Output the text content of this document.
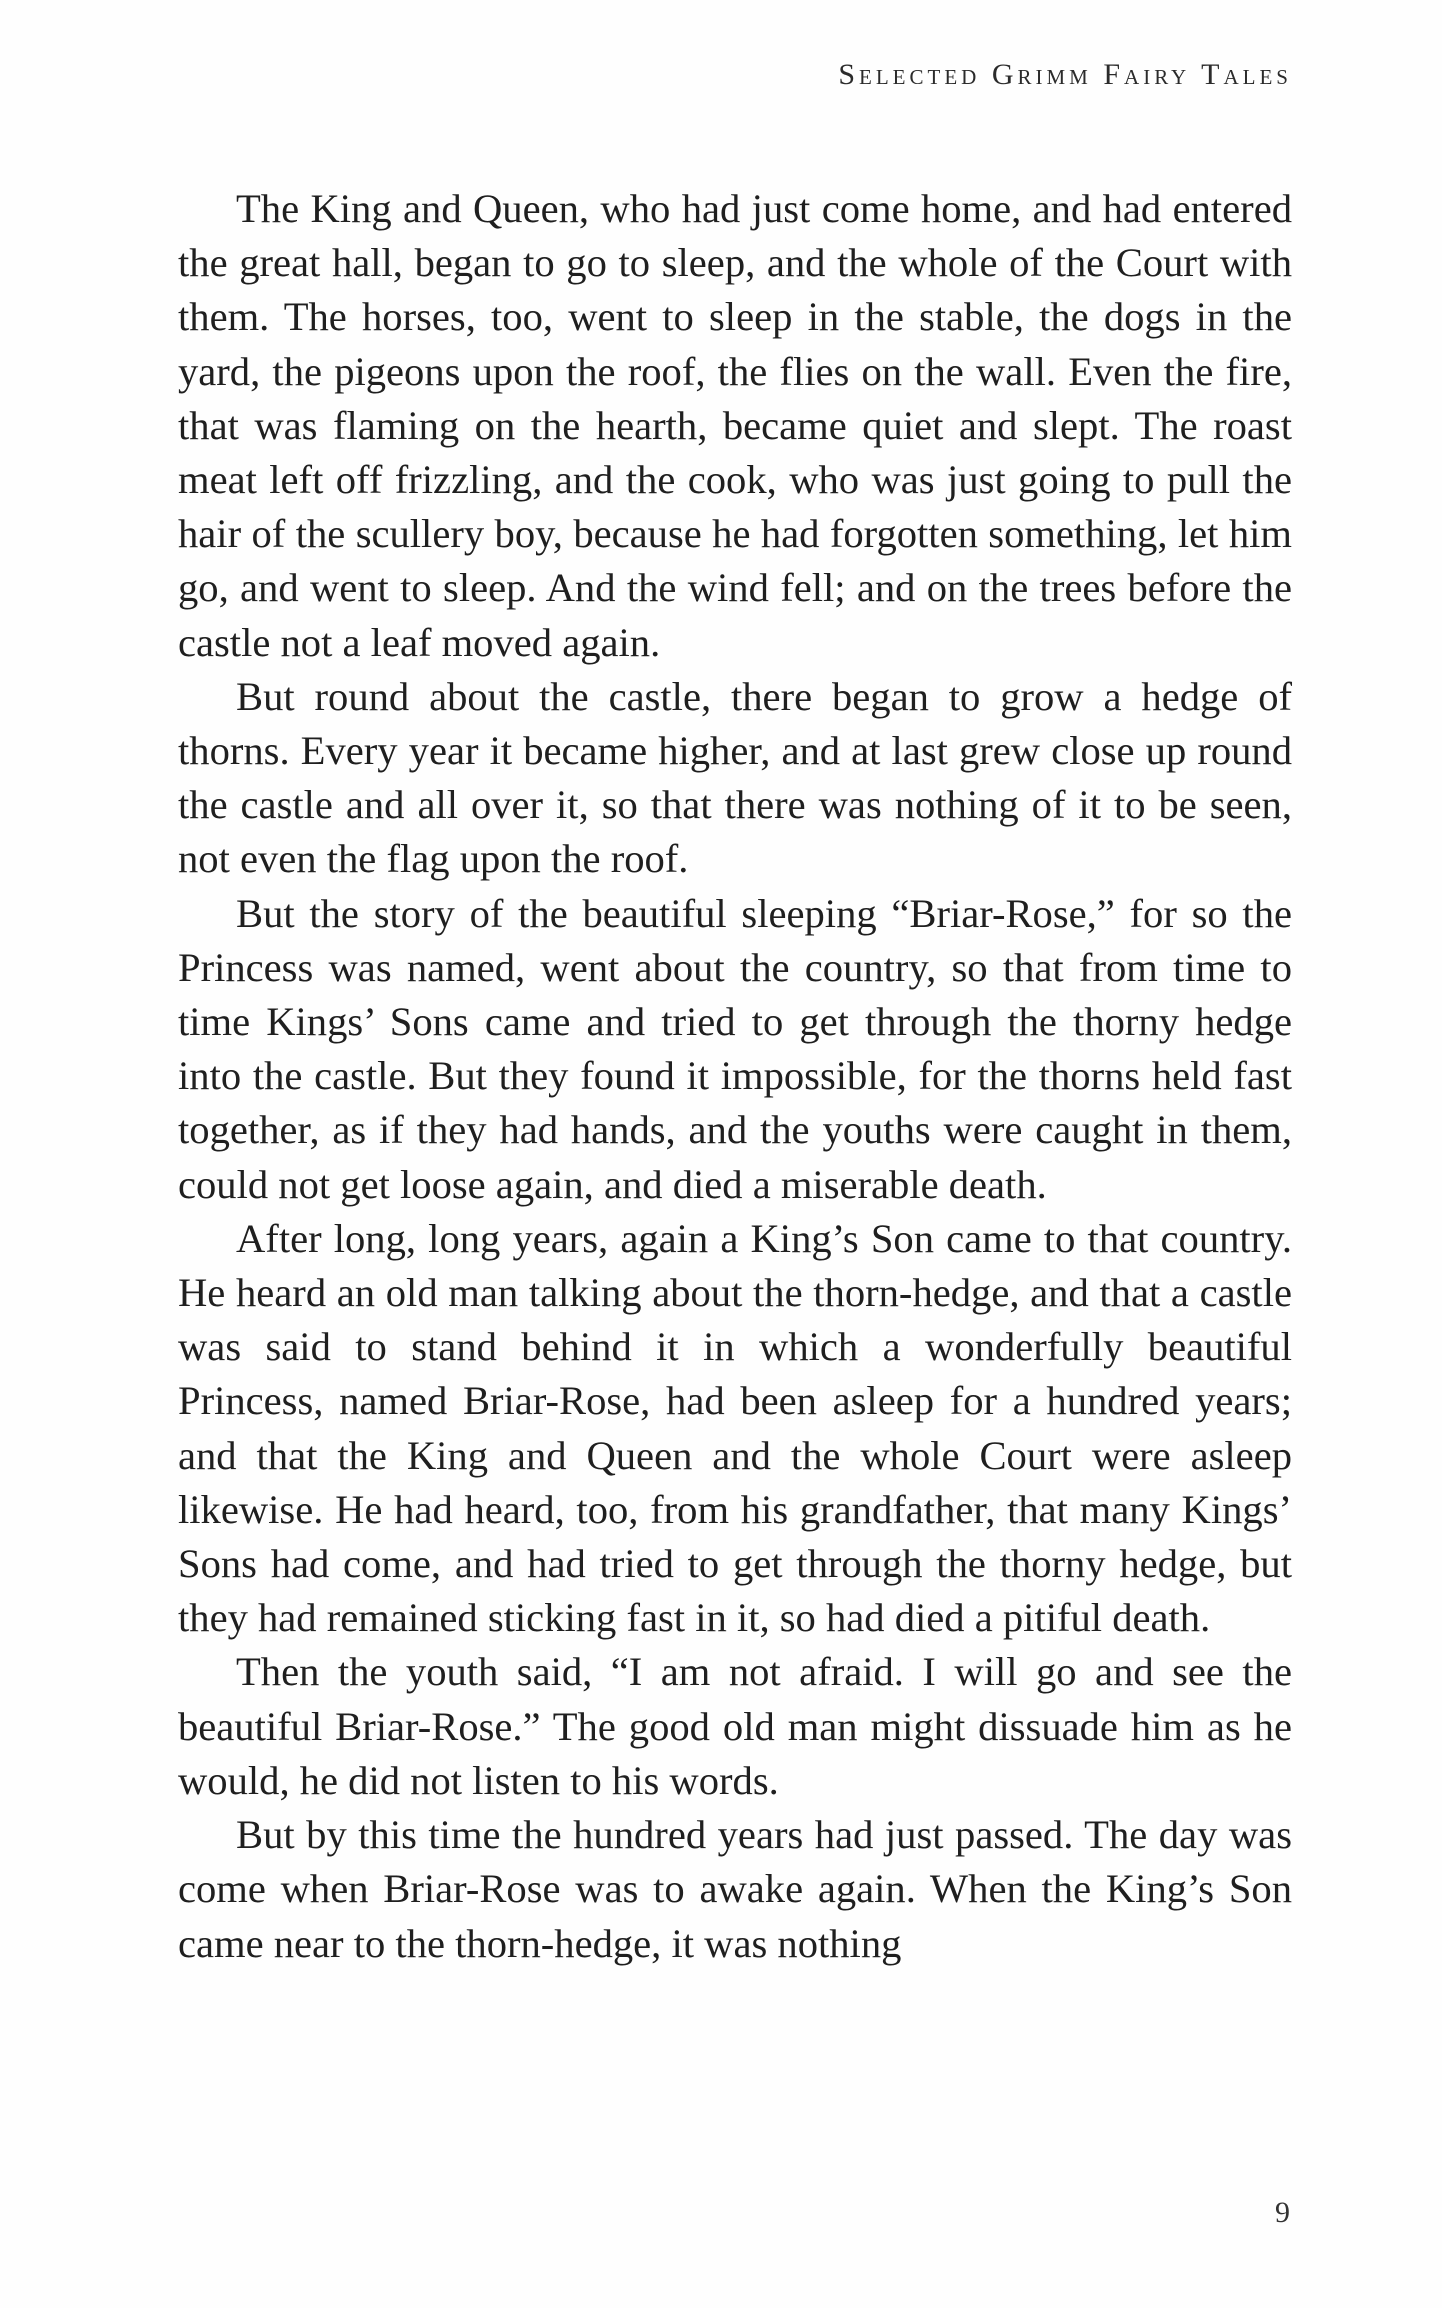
Selected Grimm Fairy Tales

The King and Queen, who had just come home, and had entered the great hall, began to go to sleep, and the whole of the Court with them. The horses, too, went to sleep in the stable, the dogs in the yard, the pigeons upon the roof, the flies on the wall. Even the fire, that was flaming on the hearth, became quiet and slept. The roast meat left off frizzling, and the cook, who was just going to pull the hair of the scullery boy, because he had forgotten something, let him go, and went to sleep. And the wind fell; and on the trees before the castle not a leaf moved again.

But round about the castle, there began to grow a hedge of thorns. Every year it became higher, and at last grew close up round the castle and all over it, so that there was nothing of it to be seen, not even the flag upon the roof.

But the story of the beautiful sleeping “Briar-Rose,” for so the Princess was named, went about the country, so that from time to time Kings’ Sons came and tried to get through the thorny hedge into the castle. But they found it impossible, for the thorns held fast together, as if they had hands, and the youths were caught in them, could not get loose again, and died a miserable death.

After long, long years, again a King’s Son came to that country. He heard an old man talking about the thorn-hedge, and that a castle was said to stand behind it in which a wonderfully beautiful Princess, named Briar-Rose, had been asleep for a hundred years; and that the King and Queen and the whole Court were asleep likewise. He had heard, too, from his grandfather, that many Kings’ Sons had come, and had tried to get through the thorny hedge, but they had remained sticking fast in it, so had died a pitiful death.

Then the youth said, “I am not afraid. I will go and see the beautiful Briar-Rose.” The good old man might dissuade him as he would, he did not listen to his words.

But by this time the hundred years had just passed. The day was come when Briar-Rose was to awake again. When the King’s Son came near to the thorn-hedge, it was nothing

9
